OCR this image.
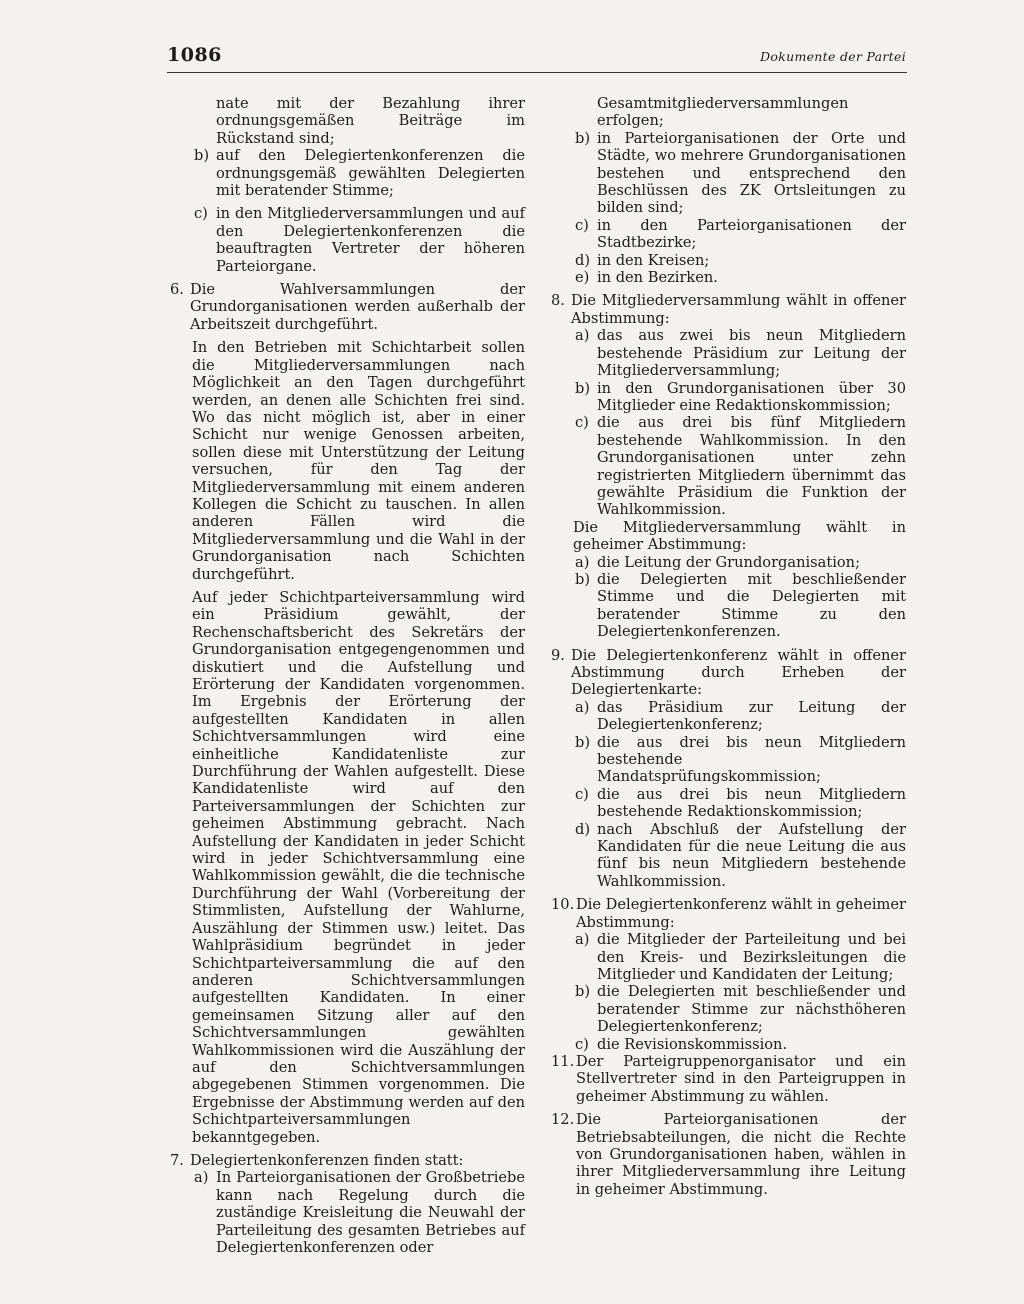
1086	Dokumente der Partei

nate mit der Bezahlung ihrer ordnungsgemäßen Beiträge im Rückstand sind;

b) auf den Delegiertenkonferenzen die ordnungsgemäß gewählten Delegierten mit beratender Stimme;
c) in den Mitgliederversammlungen und auf den Delegiertenkonferenzen die beauftragten Vertreter der höheren Parteiorgane.
6. Die Wahlversammlungen der Grundorganisationen werden außerhalb der Arbeitszeit durchgeführt.

In den Betrieben mit Schichtarbeit sollen die Mitgliederversammlungen nach Möglichkeit an den Tagen durchgeführt werden, an denen alle Schichten frei sind. Wo das nicht möglich ist, aber in einer Schicht nur wenige Genossen arbeiten, sollen diese mit Unterstützung der Leitung versuchen, für den Tag der Mitgliederversammlung mit einem anderen Kollegen die Schicht zu tauschen. In allen anderen Fällen wird die Mitgliederversammlung und die Wahl in der Grundorganisation nach Schichten durchgeführt.

Auf jeder Schichtparteiversammlung wird ein Präsidium gewählt, der Rechenschaftsbericht des Sekretärs der Grundorganisation entgegengenommen und diskutiert und die Aufstellung und Erörterung der Kandidaten vorgenommen. Im Ergebnis der Erörterung der aufgestellten Kandidaten in allen Schichtversammlungen wird eine einheitliche Kandidatenliste zur Durchführung der Wahlen aufgestellt. Diese Kandidatenliste wird auf den Parteiversammlungen der Schichten zur geheimen Abstimmung gebracht. Nach Aufstellung der Kandidaten in jeder Schicht wird in jeder Schichtversammlung eine Wahlkommission gewählt, die die technische Durchführung der Wahl (Vorbereitung der Stimmlisten, Aufstellung der Wahlurne, Auszählung der Stimmen usw.) leitet. Das Wahlpräsidium begründet in jeder Schichtparteiversammlung die auf den anderen Schichtversammlungen aufgestellten Kandidaten. In einer gemeinsamen Sitzung aller auf den Schichtversammlungen gewählten Wahlkommissionen wird die Auszählung der auf den Schichtversammlungen abgegebenen Stimmen vorgenommen. Die Ergebnisse der Abstimmung werden auf den Schichtparteiversammlungen bekanntgegeben.

7. Delegiertenkonferenzen finden statt:
a) In Parteiorganisationen der Großbetriebe kann nach Regelung durch die zuständige Kreisleitung die Neuwahl der Parteileitung des gesamten Betriebes auf Delegiertenkonferenzen oder

Gesamtmitgliederversammlungen erfolgen;

b) in Parteiorganisationen der Orte und Städte, wo mehrere Grundorganisationen bestehen und entsprechend den Beschlüssen des ZK Ortsleitungen zu bilden sind;
c) in den Parteiorganisationen der Stadtbezirke;
d) in den Kreisen;
e) in den Bezirken.
8. Die Mitgliederversammlung wählt in offener Abstimmung:
a) das aus zwei bis neun Mitgliedern bestehende Präsidium zur Leitung der Mitgliederversammlung;
b) in den Grundorganisationen über 30 Mitglieder eine Redaktionskommission;
c) die aus drei bis fünf Mitgliedern bestehende Wahlkommission. In den Grundorganisationen unter zehn registrierten Mitgliedern übernimmt das gewählte Präsidium die Funktion der Wahlkommission.

Die Mitgliederversammlung wählt in geheimer Abstimmung:

a) die Leitung der Grundorganisation;
b) die Delegierten mit beschließender Stimme und die Delegierten mit beratender Stimme zu den Delegiertenkonferenzen.
9. Die Delegiertenkonferenz wählt in offener Abstimmung durch Erheben der Delegiertenkarte:
a) das Präsidium zur Leitung der Delegiertenkonferenz;
b) die aus drei bis neun Mitgliedern bestehende Mandatsprüfungskommission;
c) die aus drei bis neun Mitgliedern bestehende Redaktionskommission;
d) nach Abschluß der Aufstellung der Kandidaten für die neue Leitung die aus fünf bis neun Mitgliedern bestehende Wahlkommission.
10. Die Delegiertenkonferenz wählt in geheimer Abstimmung:
a) die Mitglieder der Parteileitung und bei den Kreis- und Bezirksleitungen die Mitglieder und Kandidaten der Leitung;
b) die Delegierten mit beschließender und beratender Stimme zur nächsthöheren Delegiertenkonferenz;
c) die Revisionskommission.
11. Der Parteigruppenorganisator und ein Stellvertreter sind in den Parteigruppen in geheimer Abstimmung zu wählen.
12. Die Parteiorganisationen der Betriebsabteilungen, die nicht die Rechte von Grundorganisationen haben, wählen in ihrer Mitgliederversammlung ihre Leitung in geheimer Abstimmung.
